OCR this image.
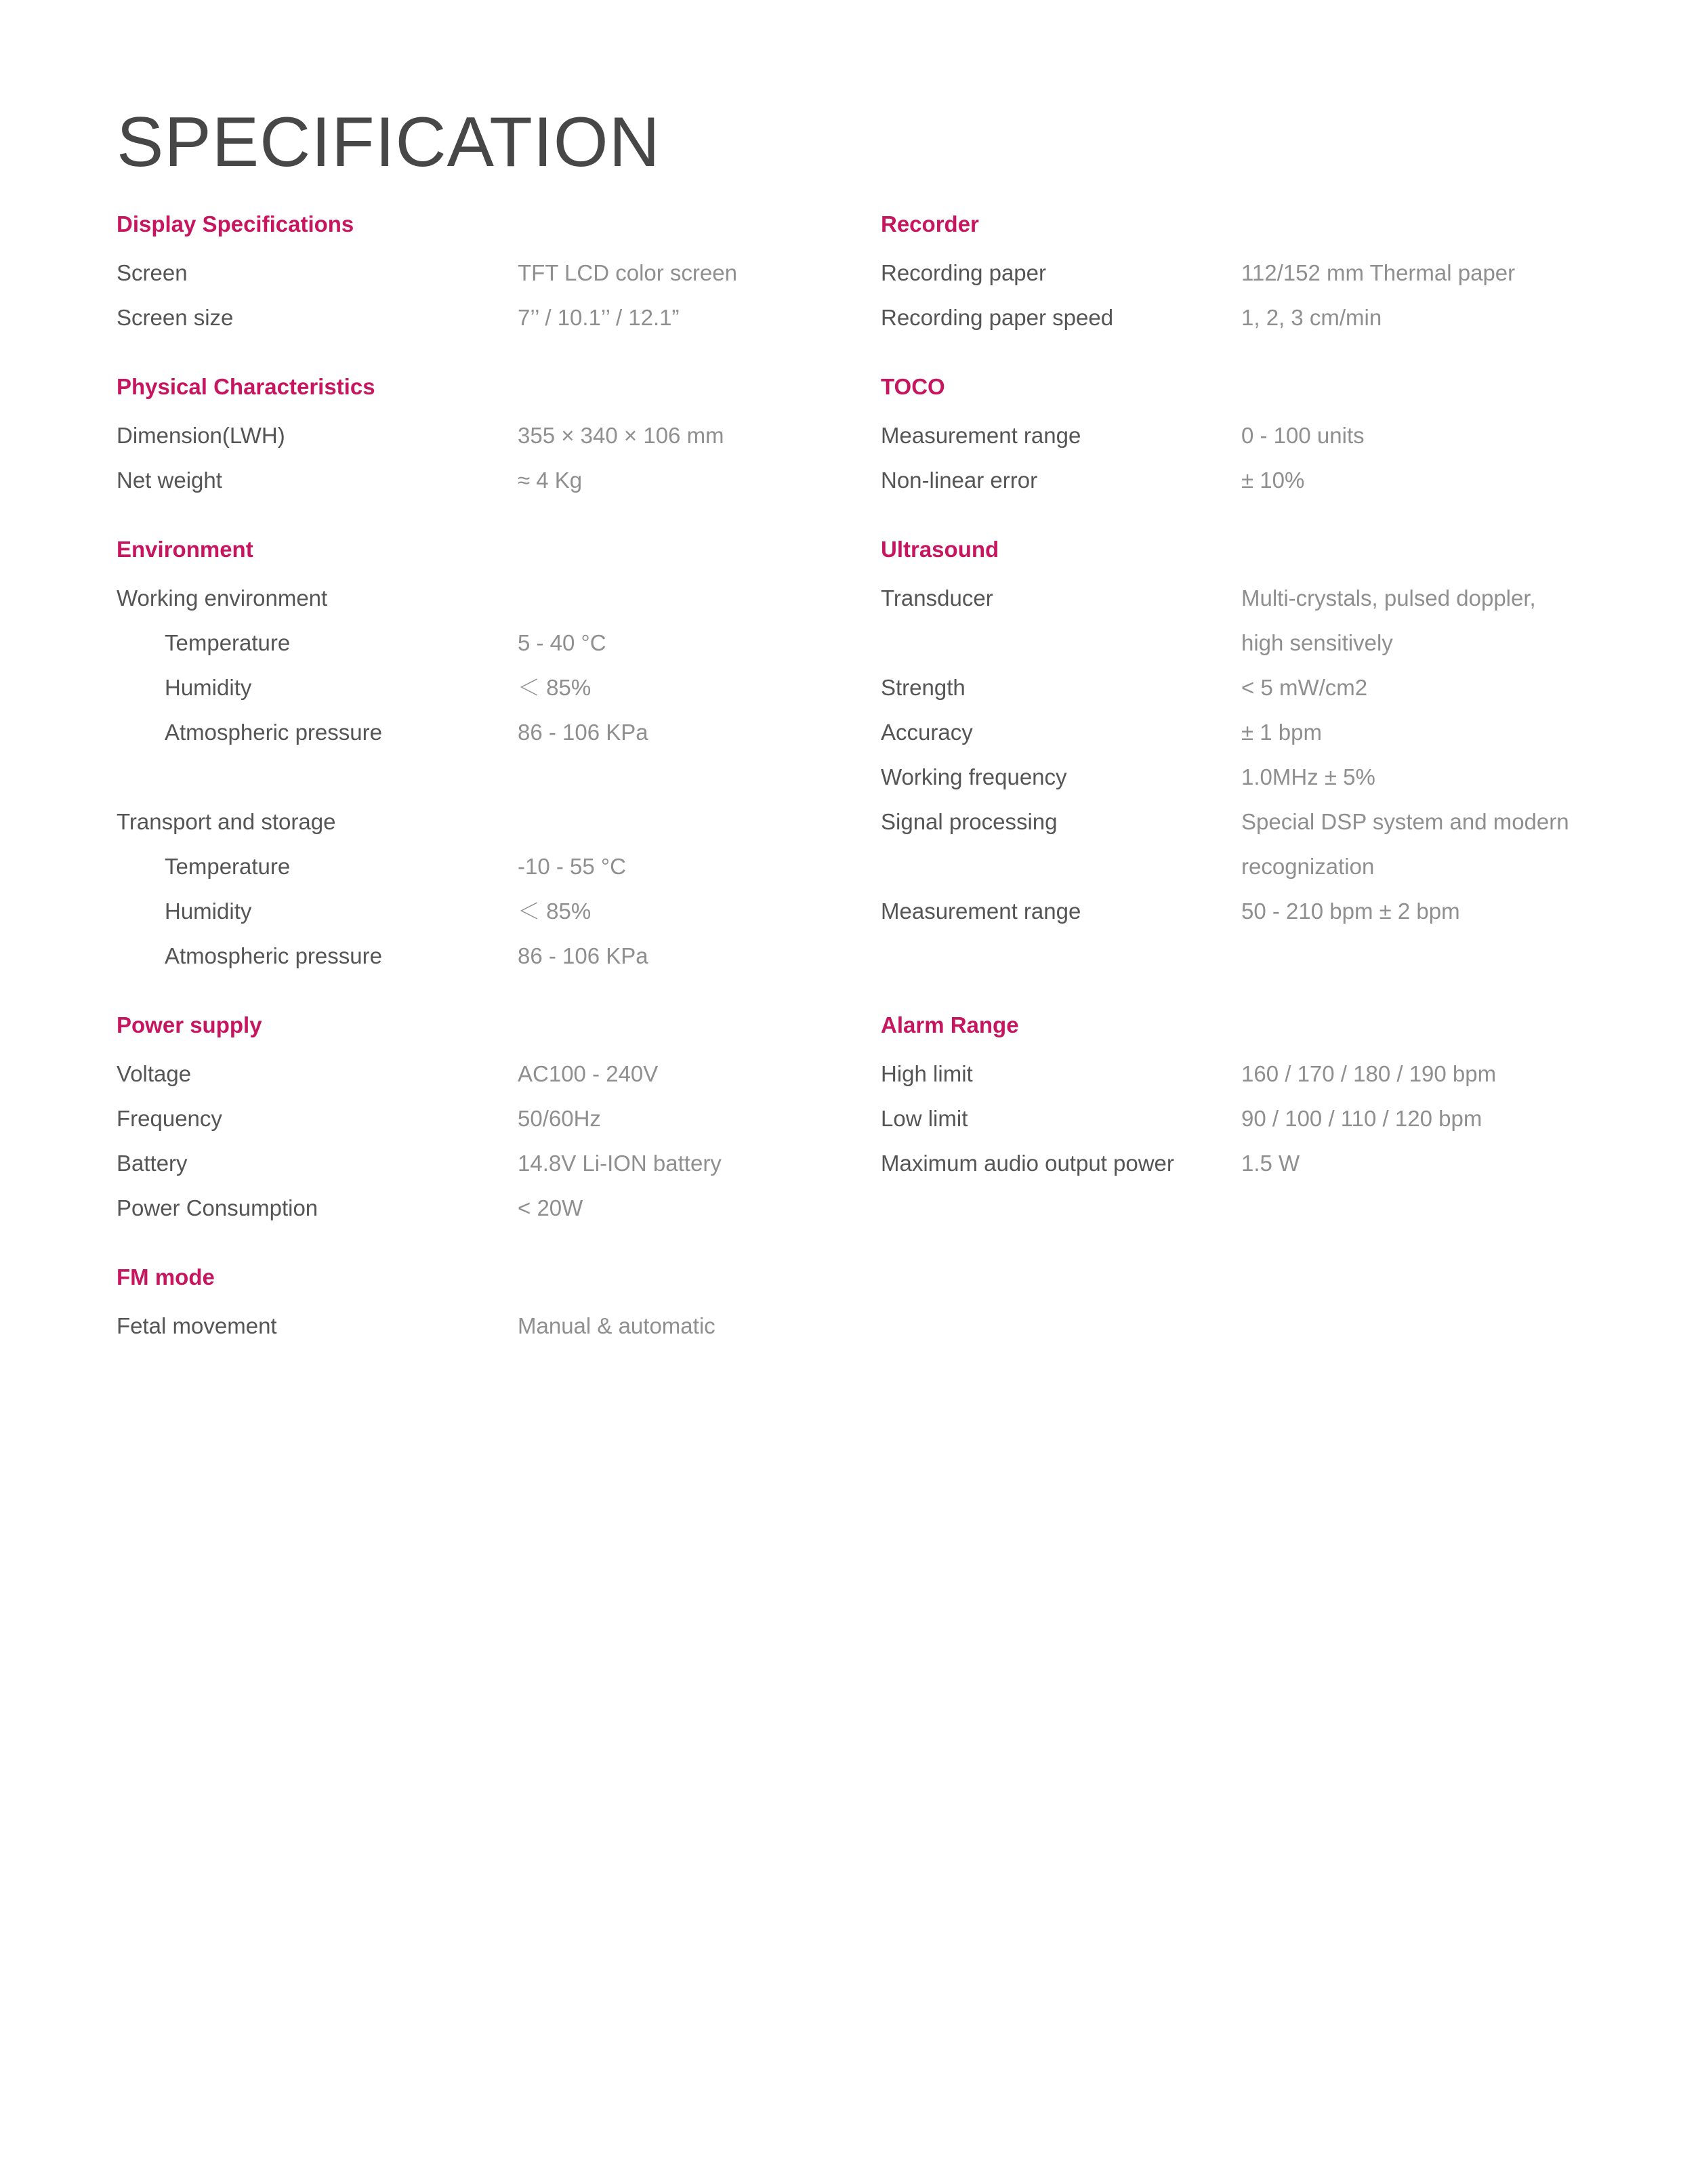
SPECIFICATION
Display Specifications
Screen	TFT LCD color screen
Screen size	7’’ / 10.1’’ / 12.1”
Physical Characteristics
Dimension(LWH)	355 × 340 × 106 mm
Net weight	≈ 4 Kg
Environment
Working environment
Temperature	5 - 40 °C
Humidity	＜ 85%
Atmospheric pressure	86 - 106 KPa
Transport and storage
Temperature	-10 - 55 °C
Humidity	＜ 85%
Atmospheric pressure	86 - 106 KPa
Power supply
Voltage	AC100 - 240V
Frequency	50/60Hz
Battery	14.8V Li-ION battery
Power Consumption	< 20W
FM mode
Fetal movement	Manual & automatic
Recorder
Recording paper	112/152 mm Thermal paper
Recording paper speed	1, 2, 3 cm/min
TOCO
Measurement range	0 - 100 units
Non-linear error	± 10%
Ultrasound
Transducer	Multi-crystals, pulsed doppler, high sensitively
Strength	< 5 mW/cm2
Accuracy	± 1 bpm
Working frequency	1.0MHz ± 5%
Signal processing	Special DSP system and modern recognization
Measurement range	50 - 210 bpm ± 2 bpm
Alarm Range
High limit	160 / 170 / 180 / 190 bpm
Low limit	90 / 100 / 110 / 120 bpm
Maximum audio output power	1.5 W
